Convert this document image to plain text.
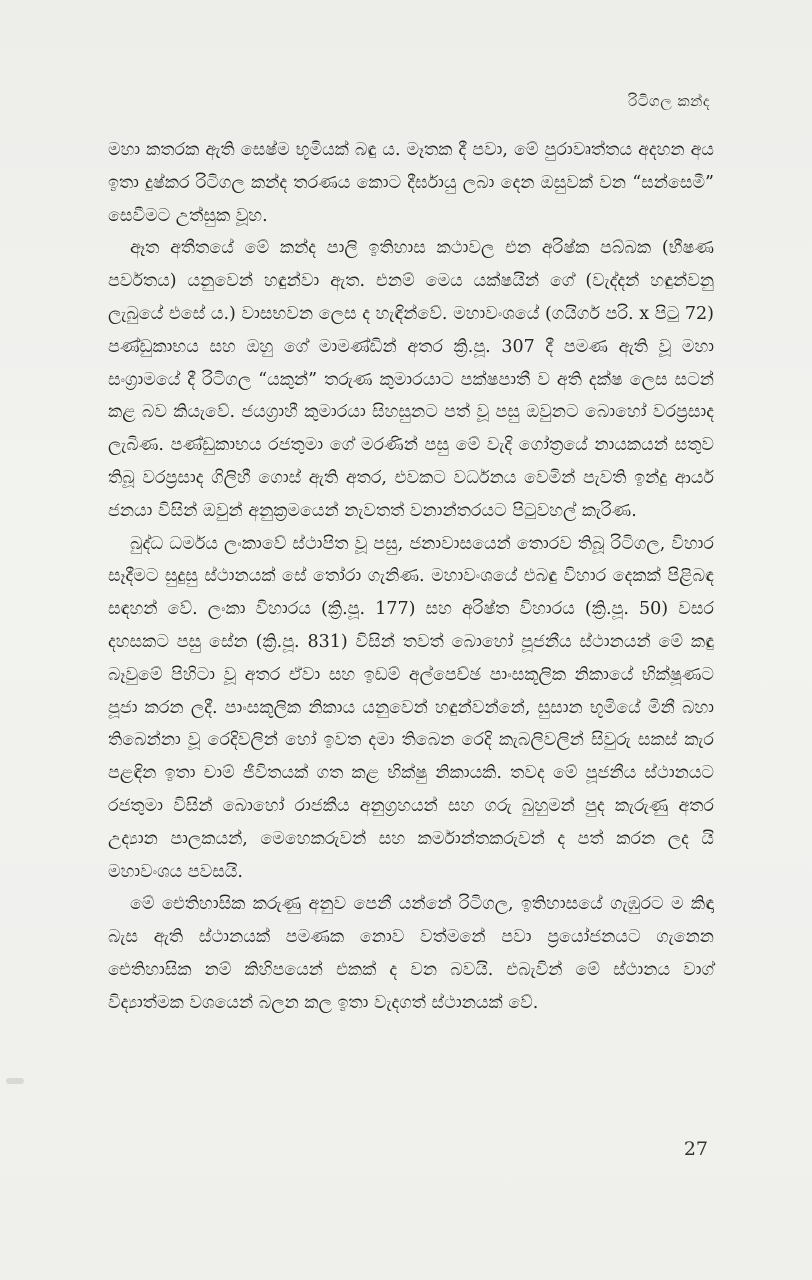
රිටිගල කන්ද

මහා කතරක ඇති සෙෂ්ම භූමියක් බඳු ය. මෑතක දී පවා, මේ පුරාවෘත්තය අදහන අය ඉතා දුෂ්කර රිටිගල කන්ද තරණය කොට දීර්ඝායු ලබා දෙන ඔසුවක් වන “සන්සෙමී” සෙවීමට උත්සුක වූහ.

ඈත අතීතයේ මේ කන්ද පාලි ඉතිහාස කථාවල එන අරිෂ්ක පබ්බක (භීෂණ පර්වතය) යනුවෙන් හඳුන්වා ඇත. එනම් මෙය යක්ෂයින් ගේ (වැද්දන් හඳුන්වනු ලැබුයේ එසේ ය.) වාසභවන ලෙස ද හැඳින්වේ. මහාවංශයේ (ගයිගර් පරි. x පිටු 72) පණ්ඩුකාභය සහ ඔහු ගේ මාමණ්ඩින් අතර ක්‍රි.පූ. 307 දී පමණ ඇති වූ මහා සංග්‍රාමයේ දී රිටිගල “යකුන්” තරුණ කුමාරයාට පක්ෂපාතී ව අති දක්ෂ ලෙස සටන් කළ බව කියැවේ. ජයග්‍රාහී කුමාරයා සිහසුනට පත් වූ පසු ඔවුනට බොහෝ වරප්‍රසාද ලැබිණ. පණ්ඩුකාභය රජතුමා ගේ මරණින් පසු මේ වැදි ගෝත්‍රයේ නායකයන් සතුව තිබූ වරප්‍රසාද ගිලිහී ගොස් ඇති අතර, එවකට වර්ධනය වෙමින් පැවති ඉන්දු ආර්ය ජනයා විසින් ඔවුන් අනුක්‍රමයෙන් නැවතත් වනාන්තරයට පිටුවහල් කැරිණ.

බුද්ධ ධර්මය ලංකාවේ ස්ථාපිත වූ පසු, ජනාවාසයෙන් තොරව තිබූ රිටිගල, විහාර සෑදීමට සුදුසු ස්ථානයක් සේ තෝරා ගැනිණ. මහාවංශයේ එබඳු විහාර දෙකක් පිළිබඳ සඳහන් වේ. ලංකා විහාරය (ක්‍රි.පූ. 177) සහ අරිෂ්ත විහාරය (ක්‍රි.පූ. 50) වසර දහසකට පසු සේන (ක්‍රි.පූ. 831) විසින් තවත් බොහෝ පූජනීය ස්ථානයන් මේ කඳු බෑවුමේ පිහිටා වූ අතර ඒවා සහ ඉඩම් අල්පෙච්ඡ පාංසකූලික නිකායේ භික්ෂූණට පූජා කරන ලදී. පාංසකූලික නිකාය යනුවෙන් හඳුන්වන්නේ, සුසාන භූමියේ මිනී බහා තිබෙන්නා වූ රෙදිවලින් හෝ ඉවත දමා තිබෙන රෙදි කැබලිවලින් සිවුරු සකස් කැර පළඳින ඉතා චාම් ජීවිතයක් ගත කළ භික්ෂු නිකායකි. තවද මේ පූජනීය ස්ථානයට රජතුමා විසින් බොහෝ රාජකීය අනුග්‍රහයන් සහ ගරු බුහුමන් පුද කැරුණු අතර උද්‍යාන පාලකයන්, මෙහෙකරුවන් සහ කර්මාන්තකරුවන් ද පත් කරන ලද යි මහාවංශය පවසයි.

මේ ඓතිහාසික කරුණු අනුව පෙනී යන්නේ රිටිගල, ඉතිහාසයේ ගැඹුරට ම කිඳා බැස ඇති ස්ථානයක් පමණක නොව වත්මනේ පවා ප්‍රයෝජනයට ගැනෙන ඓතිහාසික නම් කිහිපයෙන් එකක් ද වන බවයි. එබැවින් මේ ස්ථානය වාග් විද්‍යාත්මක වශයෙන් බලන කල ඉතා වැදගත් ස්ථානයක් වේ.

27
